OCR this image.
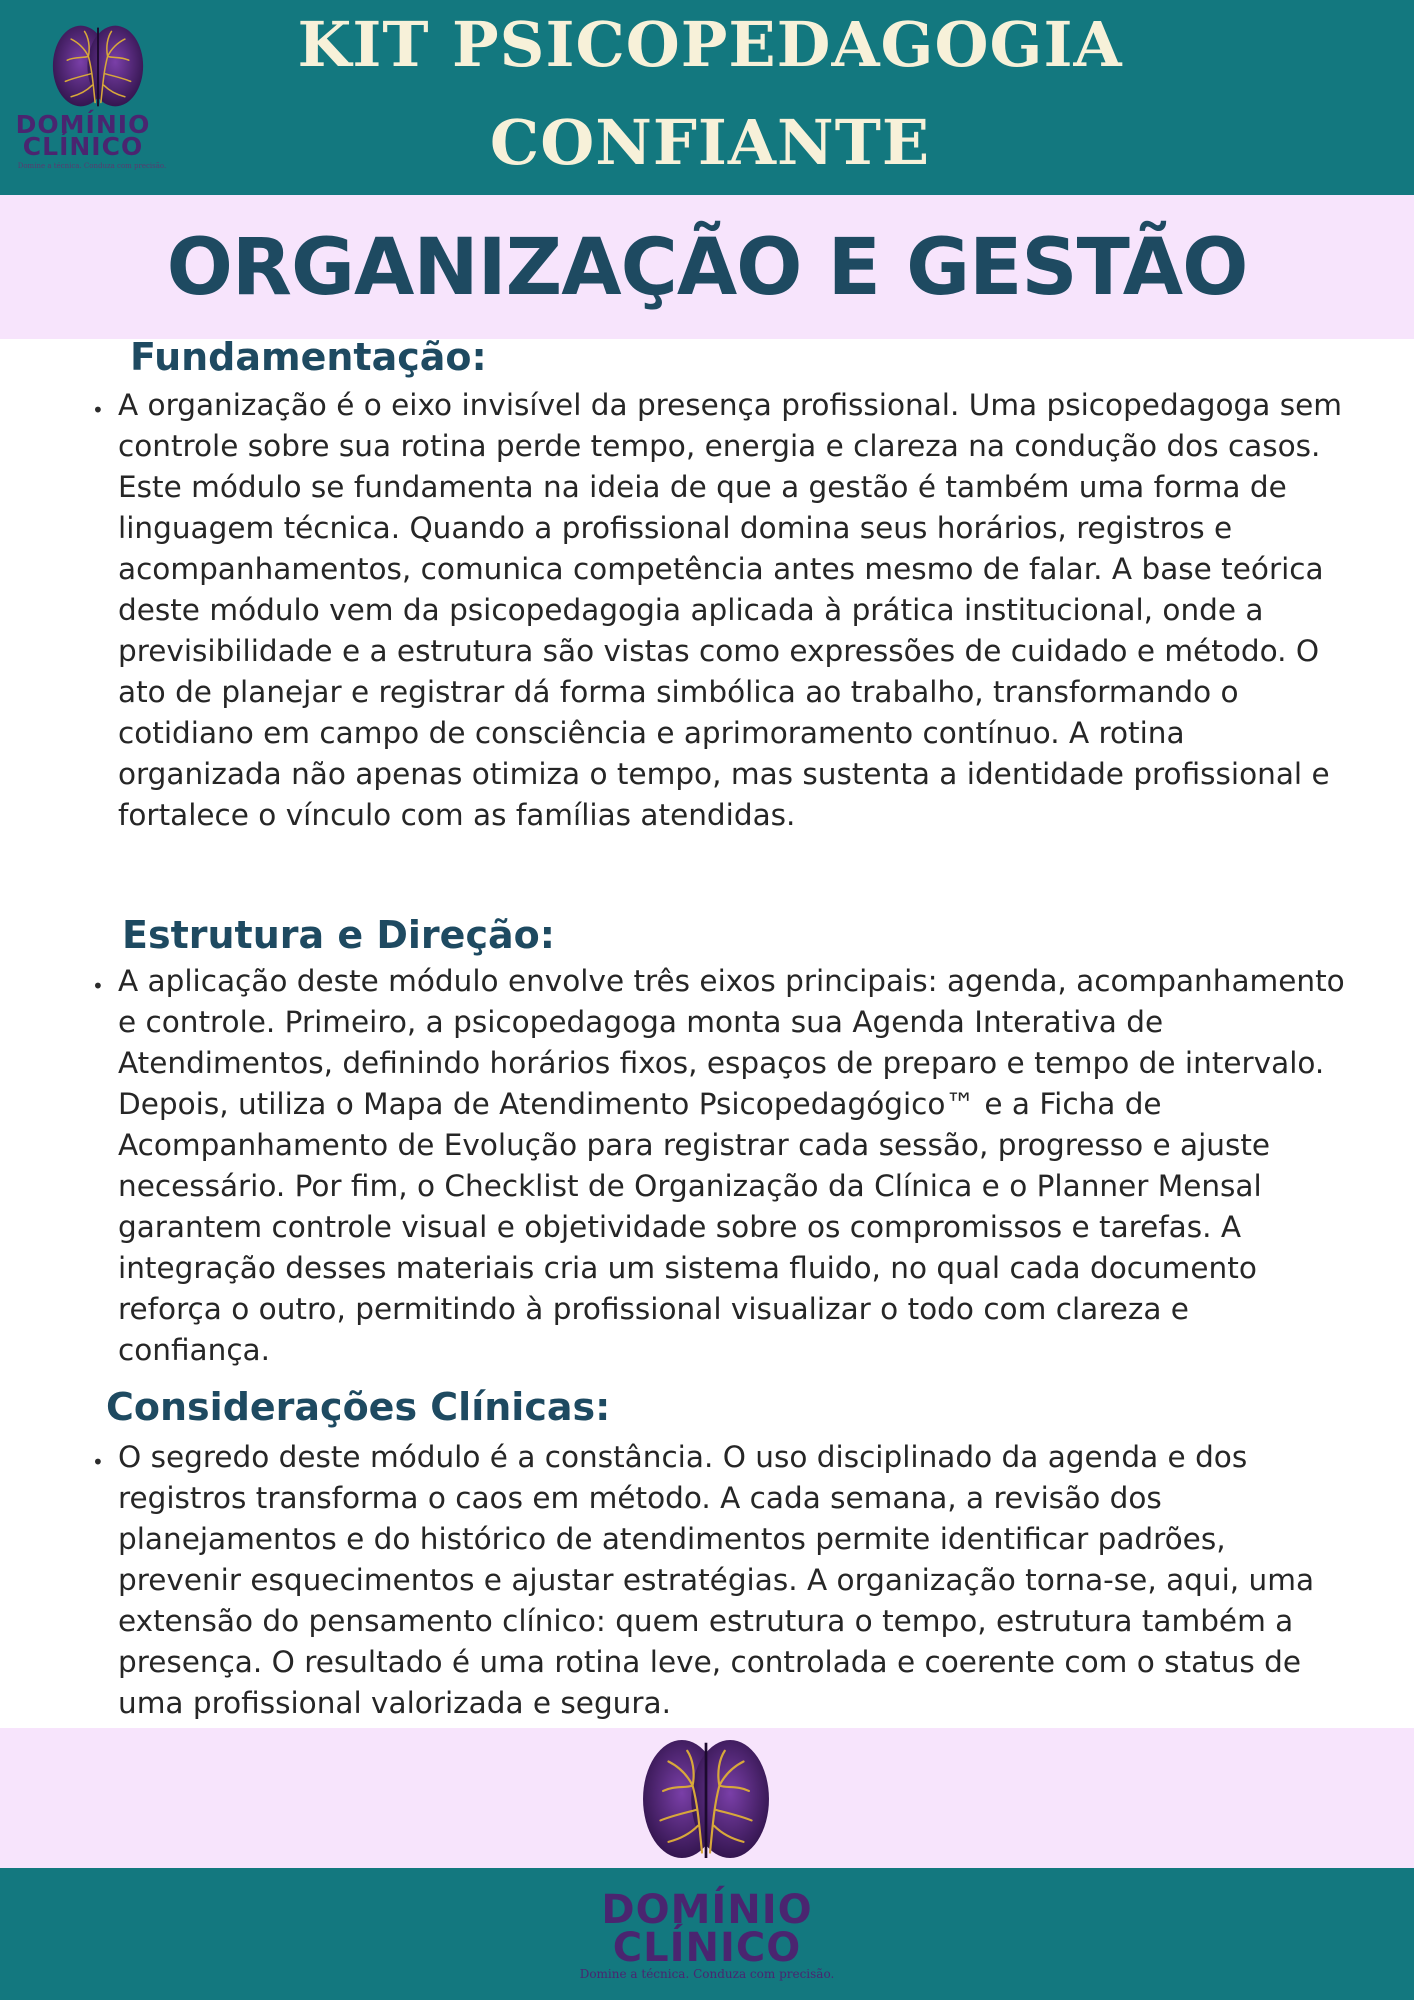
DOMÍNIO
CLÍNICO
Domine a técnica. Conduza com precisão.
KIT PSICOPEDAGOGIA
CONFIANTE
ORGANIZAÇÃO E GESTÃO
Fundamentação:
• A organização é o eixo invisível da presença profissional. Uma psicopedagoga sem controle sobre sua rotina perde tempo, energia e clareza na condução dos casos. Este módulo se fundamenta na ideia de que a gestão é também uma forma de linguagem técnica. Quando a profissional domina seus horários, registros e acompanhamentos, comunica competência antes mesmo de falar. A base teórica deste módulo vem da psicopedagogia aplicada à prática institucional, onde a previsibilidade e a estrutura são vistas como expressões de cuidado e método. O ato de planejar e registrar dá forma simbólica ao trabalho, transformando o cotidiano em campo de consciência e aprimoramento contínuo. A rotina organizada não apenas otimiza o tempo, mas sustenta a identidade profissional e fortalece o vínculo com as famílias atendidas.

Estrutura e Direção:
• A aplicação deste módulo envolve três eixos principais: agenda, acompanhamento e controle. Primeiro, a psicopedagoga monta sua Agenda Interativa de Atendimentos, definindo horários fixos, espaços de preparo e tempo de intervalo. Depois, utiliza o Mapa de Atendimento Psicopedagógico™ e a Ficha de Acompanhamento de Evolução para registrar cada sessão, progresso e ajuste necessário. Por fim, o Checklist de Organização da Clínica e o Planner Mensal garantem controle visual e objetividade sobre os compromissos e tarefas. A integração desses materiais cria um sistema fluido, no qual cada documento reforça o outro, permitindo à profissional visualizar o todo com clareza e confiança.

Considerações Clínicas:
• O segredo deste módulo é a constância. O uso disciplinado da agenda e dos registros transforma o caos em método. A cada semana, a revisão dos planejamentos e do histórico de atendimentos permite identificar padrões, prevenir esquecimentos e ajustar estratégias. A organização torna-se, aqui, uma extensão do pensamento clínico: quem estrutura o tempo, estrutura também a presença. O resultado é uma rotina leve, controlada e coerente com o status de uma profissional valorizada e segura.

DOMÍNIO
CLÍNICO
Domine a técnica. Conduza com precisão.
